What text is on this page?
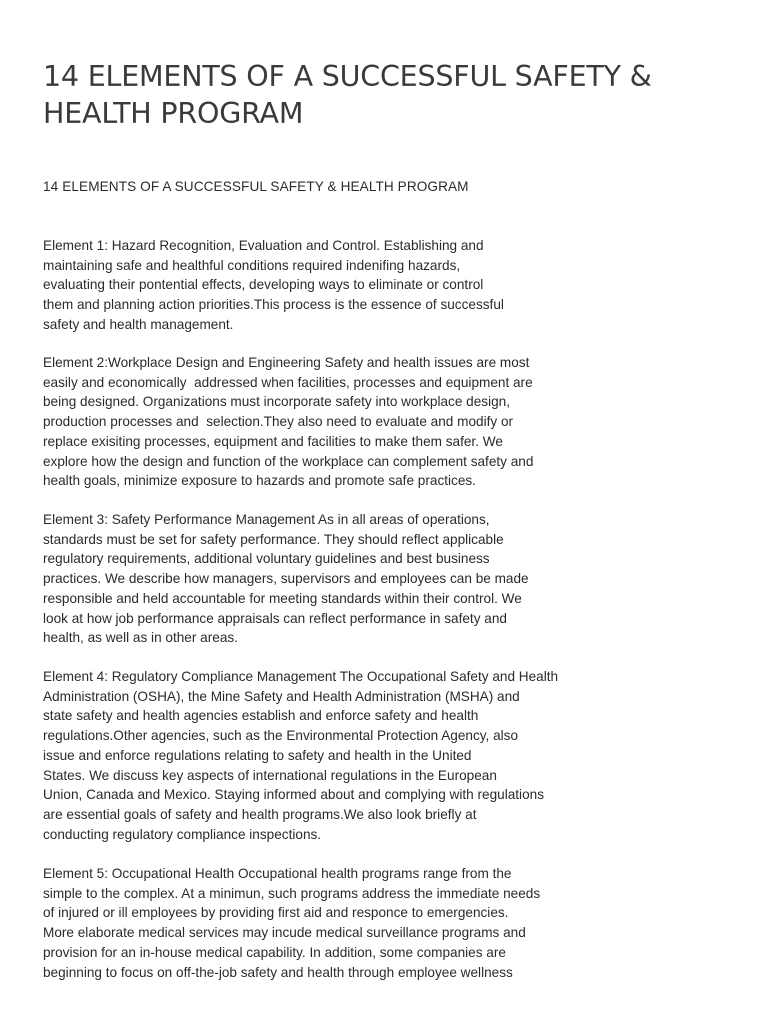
14 ELEMENTS OF A SUCCESSFUL SAFETY &
HEALTH PROGRAM
14 ELEMENTS OF A SUCCESSFUL SAFETY & HEALTH PROGRAM
Element 1: Hazard Recognition, Evaluation and Control. Establishing and
maintaining safe and healthful conditions required indenifing hazards,
evaluating their pontential effects, developing ways to eliminate or control
them and planning action priorities.This process is the essence of successful
safety and health management.
Element 2:Workplace Design and Engineering Safety and health issues are most
easily and economically  addressed when facilities, processes and equipment are
being designed. Organizations must incorporate safety into workplace design,
production processes and  selection.They also need to evaluate and modify or
replace exisiting processes, equipment and facilities to make them safer. We
explore how the design and function of the workplace can complement safety and
health goals, minimize exposure to hazards and promote safe practices.
Element 3: Safety Performance Management As in all areas of operations,
standards must be set for safety performance. They should reflect applicable
regulatory requirements, additional voluntary guidelines and best business
practices. We describe how managers, supervisors and employees can be made
responsible and held accountable for meeting standards within their control. We
look at how job performance appraisals can reflect performance in safety and
health, as well as in other areas.
Element 4: Regulatory Compliance Management The Occupational Safety and Health
Administration (OSHA), the Mine Safety and Health Administration (MSHA) and
state safety and health agencies establish and enforce safety and health
regulations.Other agencies, such as the Environmental Protection Agency, also
issue and enforce regulations relating to safety and health in the United
States. We discuss key aspects of international regulations in the European
Union, Canada and Mexico. Staying informed about and complying with regulations
are essential goals of safety and health programs.We also look briefly at
conducting regulatory compliance inspections.
Element 5: Occupational Health Occupational health programs range from the
simple to the complex. At a minimun, such programs address the immediate needs
of injured or ill employees by providing first aid and responce to emergencies.
More elaborate medical services may incude medical surveillance programs and
provision for an in-house medical capability. In addition, some companies are
beginning to focus on off-the-job safety and health through employee wellness
